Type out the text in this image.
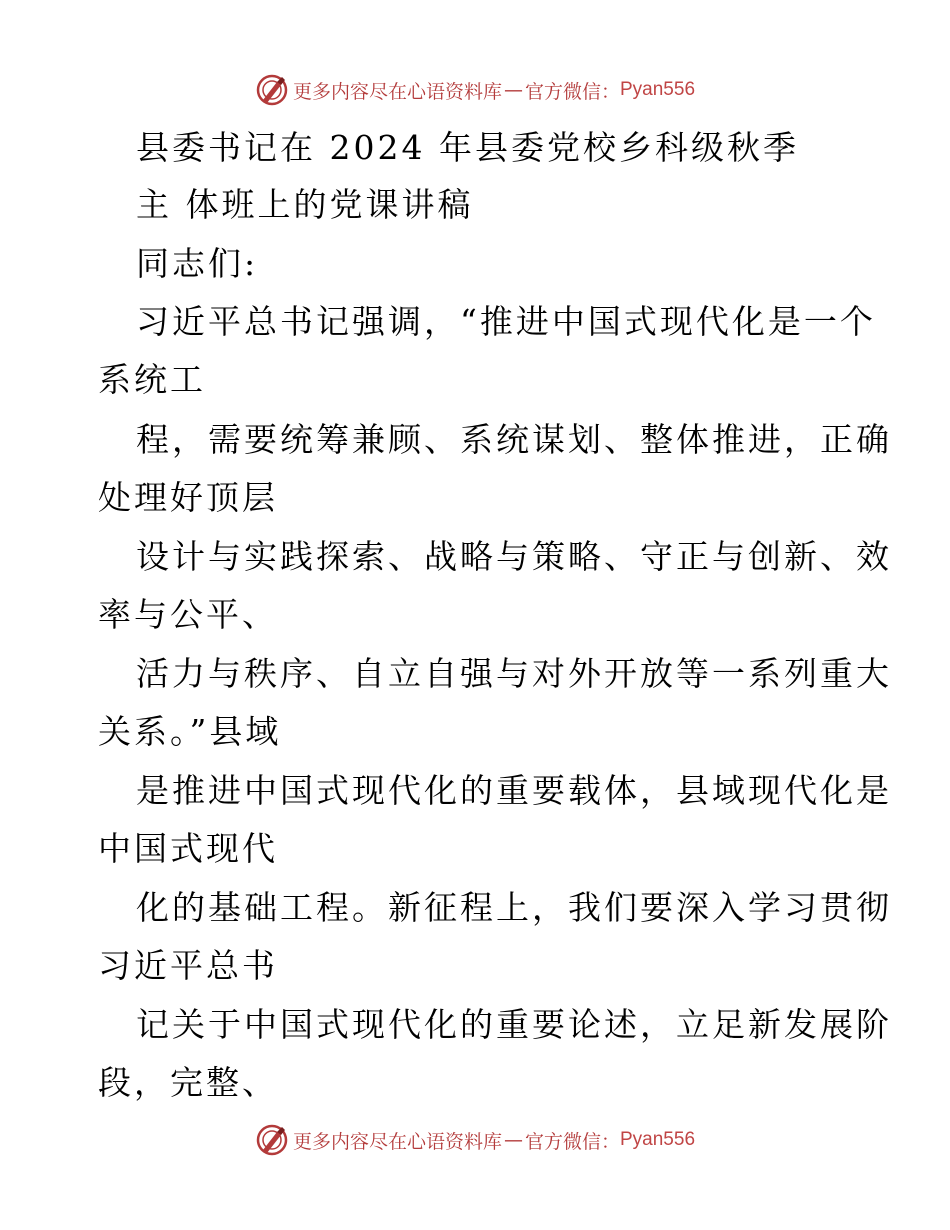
更多内容尽在心语资料库 — 官方微信： Pyan556
县委书记在 2024 年县委党校乡科级秋季
主 体班上的党课讲稿
同志们:
习近平总书记强调，“推进中国式现代化是一个
系统工
程，需要统筹兼顾、系统谋划、整体推进，正确
处理好顶层
设计与实践探索、战略与策略、守正与创新、效
率与公平、
活力与秩序、自立自强与对外开放等一系列重大
关系。”县域
是推进中国式现代化的重要载体，县域现代化是
中国式现代
化的基础工程。新征程上，我们要深入学习贯彻
习近平总书
记关于中国式现代化的重要论述，立足新发展阶
段，完整、
更多内容尽在心语资料库 — 官方微信： Pyan556
